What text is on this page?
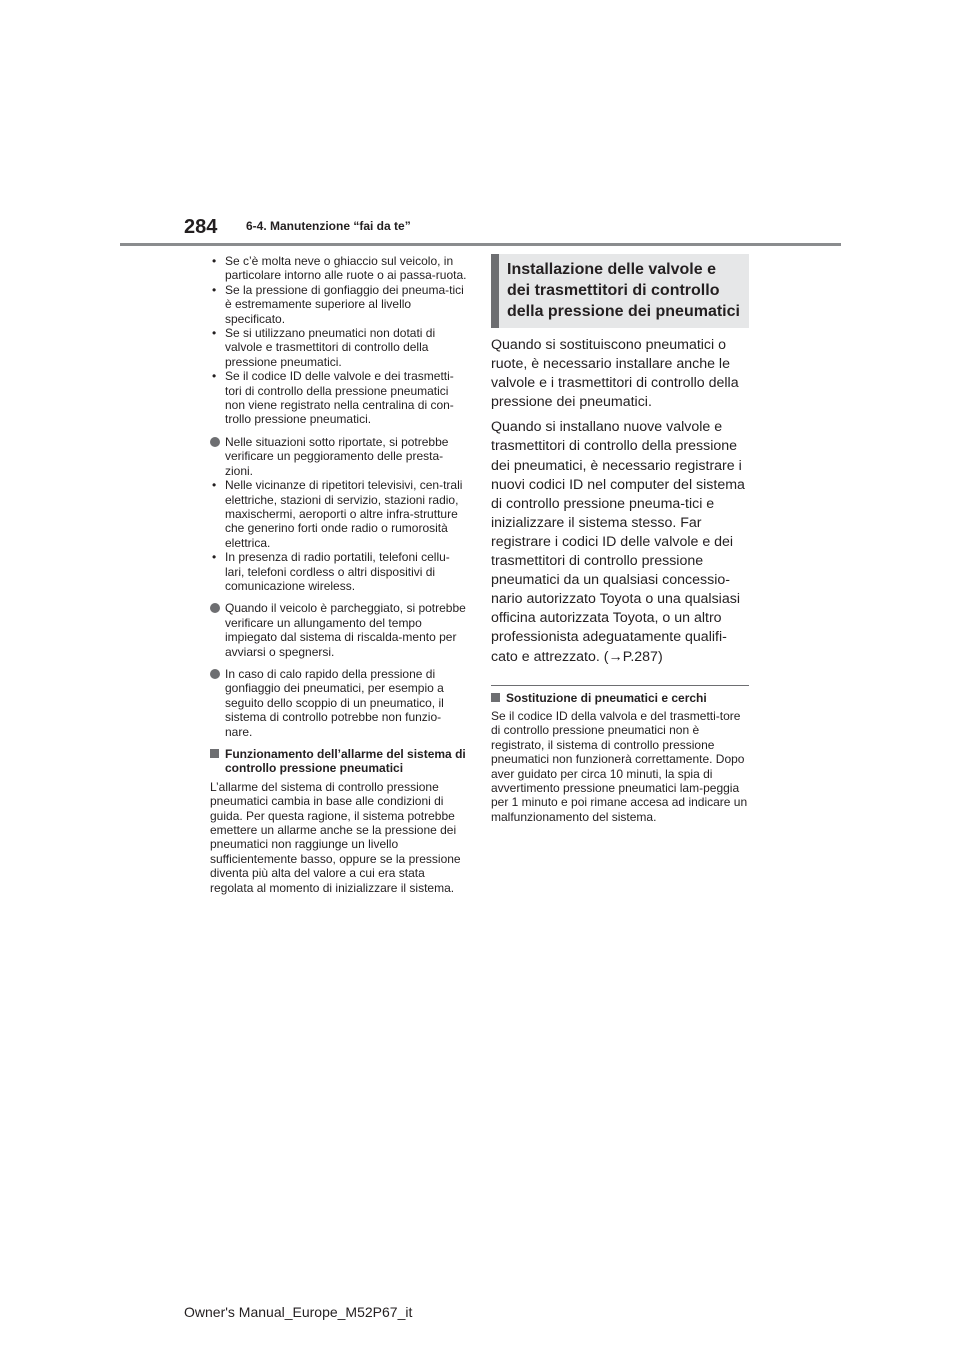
284 6-4. Manutenzione “fai da te”
• Se c’è molta neve o ghiaccio sul veicolo, in particolare intorno alle ruote o ai passa-ruota.
• Se la pressione di gonfiaggio dei pneuma-tici è estremamente superiore al livello specificato.
• Se si utilizzano pneumatici non dotati di valvole e trasmettitori di controllo della pressione pneumatici.
• Se il codice ID delle valvole e dei trasmetti-tori di controllo della pressione pneumatici non viene registrato nella centralina di con-trollo pressione pneumatici.
Nelle situazioni sotto riportate, si potrebbe verificare un peggioramento delle presta-zioni.
• Nelle vicinanze di ripetitori televisivi, cen-trali elettriche, stazioni di servizio, stazioni radio, maxischermi, aeroporti o altre infra-strutture che generino forti onde radio o rumorosità elettrica.
• In presenza di radio portatili, telefoni cellu-lari, telefoni cordless o altri dispositivi di comunicazione wireless.
Quando il veicolo è parcheggiato, si potrebbe verificare un allungamento del tempo impiegato dal sistema di riscalda-mento per avviarsi o spegnersi.
In caso di calo rapido della pressione di gonfiaggio dei pneumatici, per esempio a seguito dello scoppio di un pneumatico, il sistema di controllo potrebbe non funzio-nare.
Funzionamento dell’allarme del sistema di controllo pressione pneumatici

L’allarme del sistema di controllo pressione pneumatici cambia in base alle condizioni di guida. Per questa ragione, il sistema potrebbe emettere un allarme anche se la pressione dei pneumatici non raggiunge un livello sufficientemente basso, oppure se la pressione diventa più alta del valore a cui era stata regolata al momento di inizializzare il sistema.

Installazione delle valvole e dei trasmettitori di controllo della pressione dei pneumatici

Quando si sostituiscono pneumatici o ruote, è necessario installare anche le valvole e i trasmettitori di controllo della pressione dei pneumatici.

Quando si installano nuove valvole e trasmettitori di controllo della pressione dei pneumatici, è necessario registrare i nuovi codici ID nel computer del sistema di controllo pressione pneuma-tici e inizializzare il sistema stesso. Far registrare i codici ID delle valvole e dei trasmettitori di controllo pressione pneumatici da un qualsiasi concessio-nario autorizzato Toyota o una qualsiasi officina autorizzata Toyota, o un altro professionista adeguatamente qualifi-cato e attrezzato. (→P.287)

Sostituzione di pneumatici e cerchi

Se il codice ID della valvola e del trasmetti-tore di controllo pressione pneumatici non è registrato, il sistema di controllo pressione pneumatici non funzionerà correttamente. Dopo aver guidato per circa 10 minuti, la spia di avvertimento pressione pneumatici lam-peggia per 1 minuto e poi rimane accesa ad indicare un malfunzionamento del sistema.

Owner's Manual_Europe_M52P67_it
